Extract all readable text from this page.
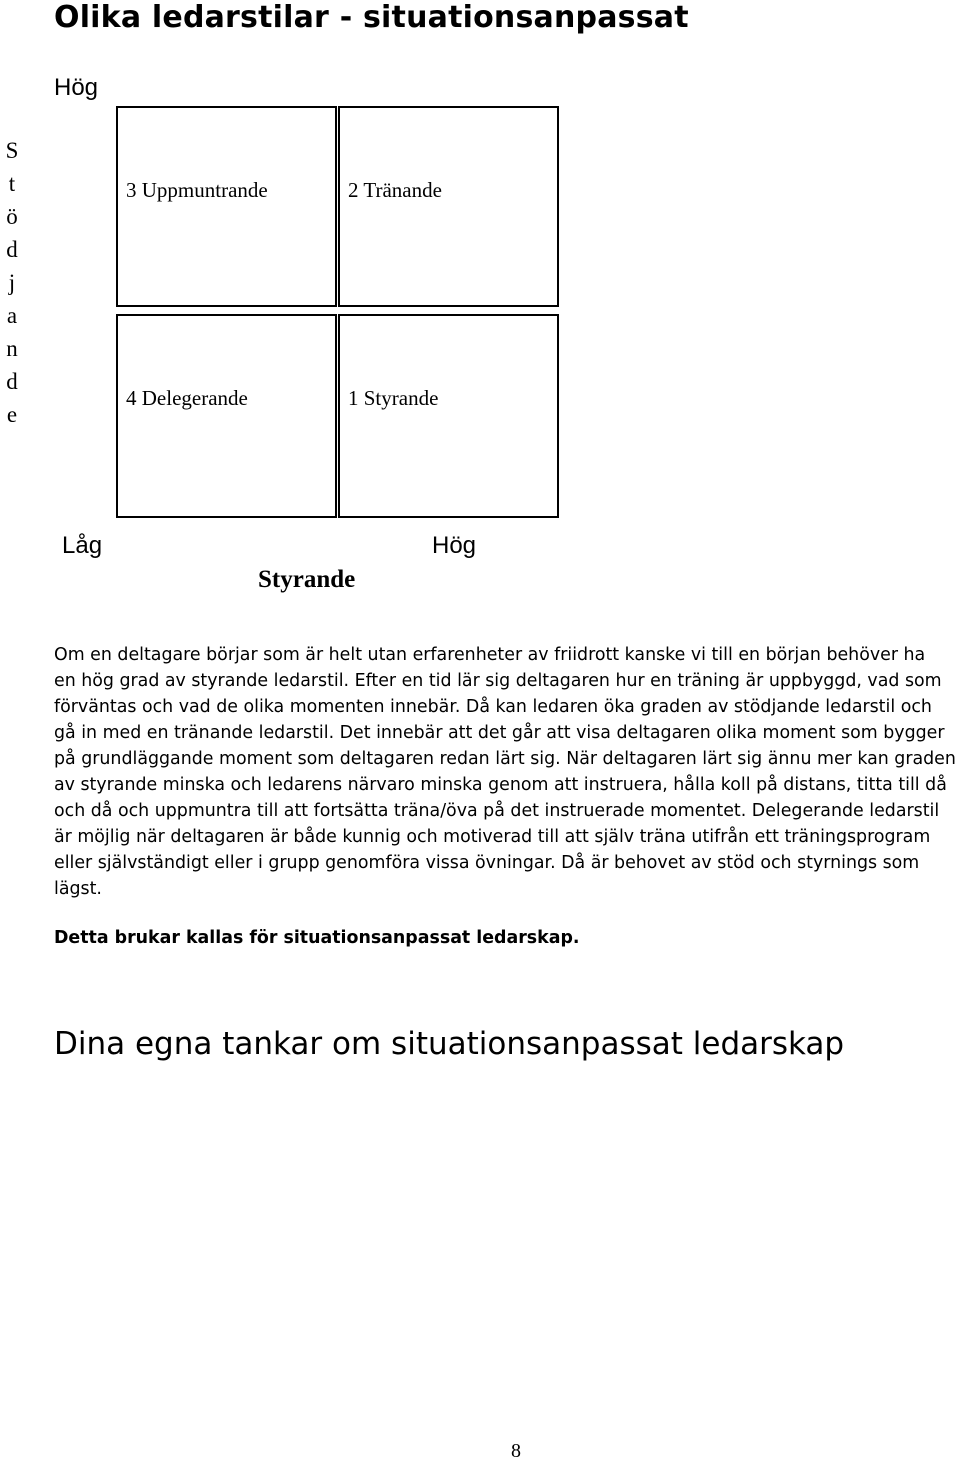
Olika ledarstilar - situationsanpassat
Hög
S
t
ö
d
j
a
n
d
e
3 Uppmuntrande	2 Tränande
4 Delegerande	1 Styrande
Låg	Hög
Styrande
Om en deltagare börjar som är helt utan erfarenheter av friidrott kanske vi till en början behöver ha
en hög grad av styrande ledarstil. Efter en tid lär sig deltagaren hur en träning är uppbyggd, vad som
förväntas och vad de olika momenten innebär. Då kan ledaren öka graden av stödjande ledarstil och
gå in med en tränande ledarstil. Det innebär att det går att visa deltagaren olika moment som bygger
på grundläggande moment som deltagaren redan lärt sig. När deltagaren lärt sig ännu mer kan graden
av styrande minska och ledarens närvaro minska genom att instruera, hålla koll på distans, titta till då
och då och uppmuntra till att fortsätta träna/öva på det instruerade momentet. Delegerande ledarstil
är möjlig när deltagaren är både kunnig och motiverad till att själv träna utifrån ett träningsprogram
eller självständigt eller i grupp genomföra vissa övningar. Då är behovet av stöd och styrnings som
lägst.
Detta brukar kallas för situationsanpassat ledarskap.
Dina egna tankar om situationsanpassat ledarskap
8
